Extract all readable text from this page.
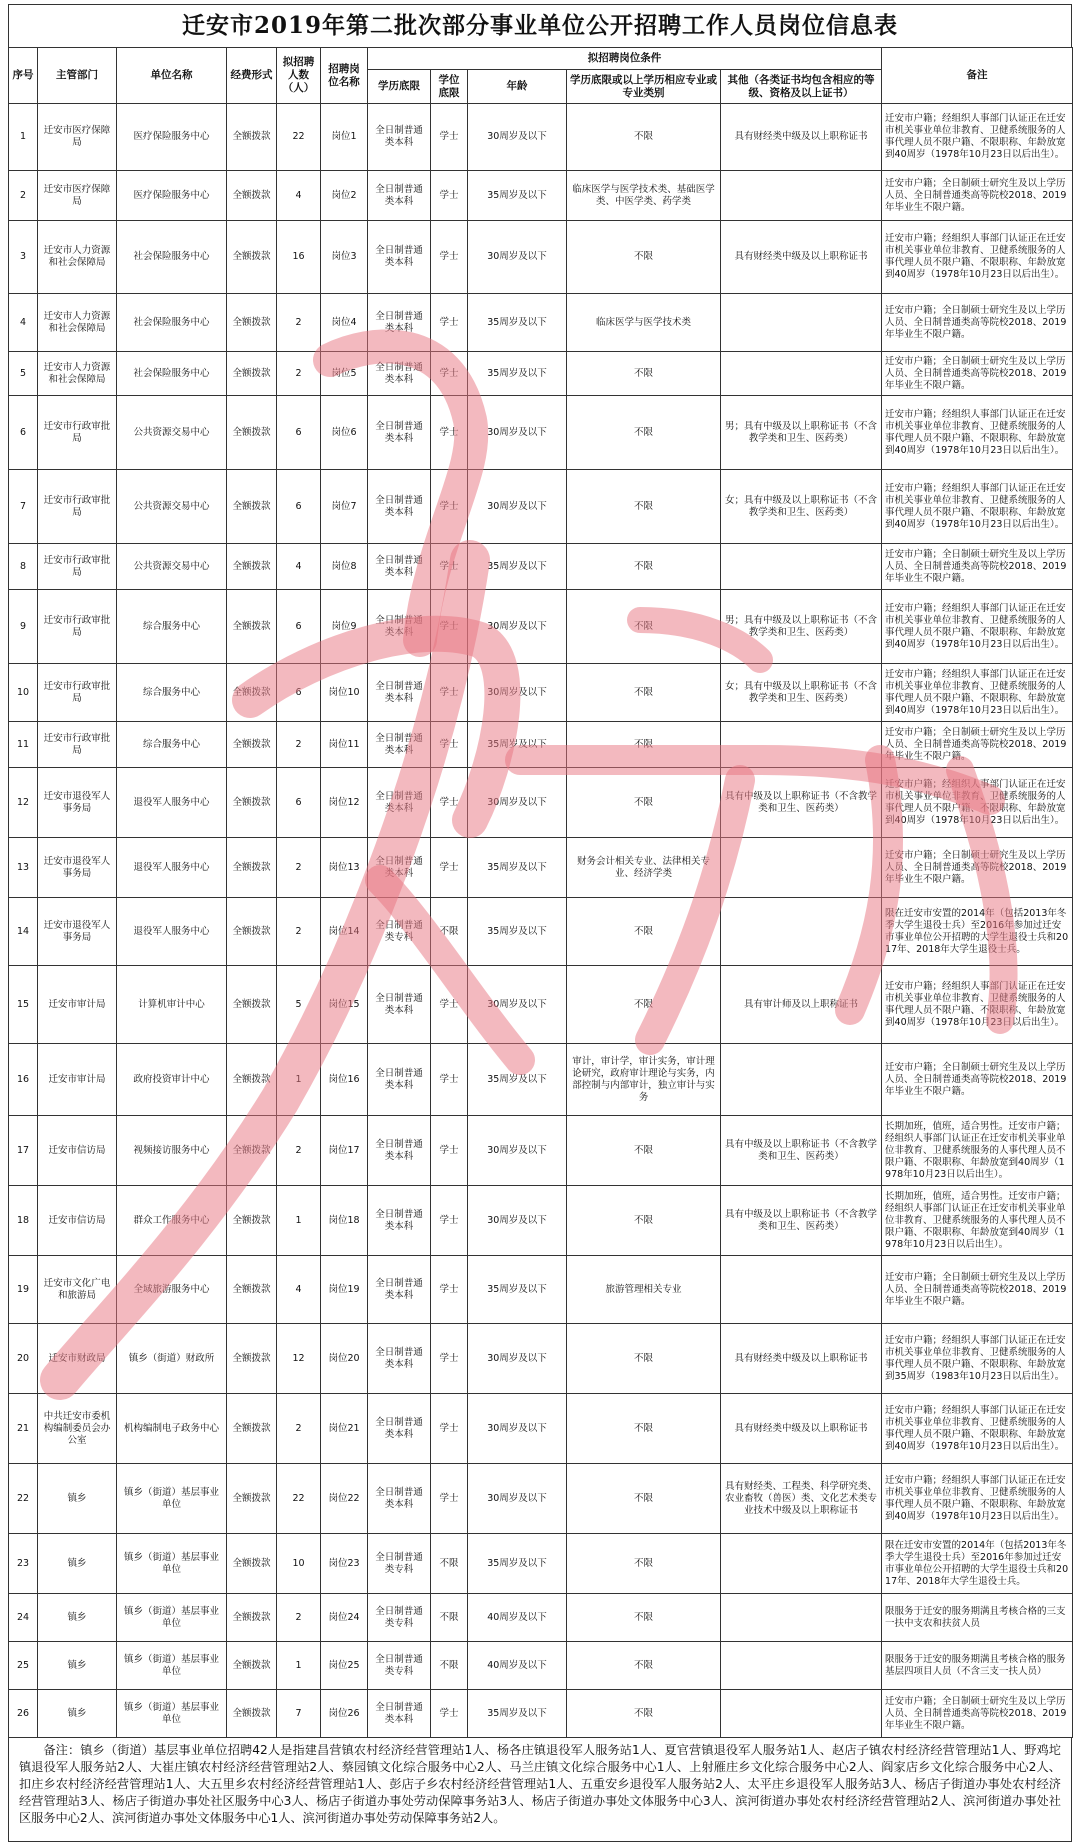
迁安市2019年第二批次部分事业单位公开招聘工作人员岗位信息表
序号	主管部门	单位名称	经费形式	拟招聘人数（人）	招聘岗位名称	拟招聘岗位条件					备注
						学历底限	学位底限	年龄	学历底限或以上学历相应专业或专业类别	其他（各类证书均包含相应的等级、资格及以上证书）	
1	迁安市医疗保障局	医疗保险服务中心	全额拨款	22	岗位1	全日制普通类本科	学士	30周岁及以下	不限	具有财经类中级及以上职称证书	迁安市户籍；经组织人事部门认证正在迁安市机关事业单位非教育、卫健系统服务的人事代理人员不限户籍、不限职称、年龄放宽到40周岁（1978年10月23日以后出生）。
2	迁安市医疗保障局	医疗保险服务中心	全额拨款	4	岗位2	全日制普通类本科	学士	35周岁及以下	临床医学与医学技术类、基础医学类、中医学类、药学类		迁安市户籍；全日制硕士研究生及以上学历人员、全日制普通类高等院校2018、2019年毕业生不限户籍。
3	迁安市人力资源和社会保障局	社会保险服务中心	全额拨款	16	岗位3	全日制普通类本科	学士	30周岁及以下	不限	具有财经类中级及以上职称证书	迁安市户籍；经组织人事部门认证正在迁安市机关事业单位非教育、卫健系统服务的人事代理人员不限户籍、不限职称、年龄放宽到40周岁（1978年10月23日以后出生）。
4	迁安市人力资源和社会保障局	社会保险服务中心	全额拨款	2	岗位4	全日制普通类本科	学士	35周岁及以下	临床医学与医学技术类		迁安市户籍；全日制硕士研究生及以上学历人员、全日制普通类高等院校2018、2019年毕业生不限户籍。
5	迁安市人力资源和社会保障局	社会保险服务中心	全额拨款	2	岗位5	全日制普通类本科	学士	35周岁及以下	不限		迁安市户籍；全日制硕士研究生及以上学历人员、全日制普通类高等院校2018、2019年毕业生不限户籍。
6	迁安市行政审批局	公共资源交易中心	全额拨款	6	岗位6	全日制普通类本科	学士	30周岁及以下	不限	男；具有中级及以上职称证书（不含教学类和卫生、医药类）	迁安市户籍；经组织人事部门认证正在迁安市机关事业单位非教育、卫健系统服务的人事代理人员不限户籍、不限职称、年龄放宽到40周岁（1978年10月23日以后出生）。
7	迁安市行政审批局	公共资源交易中心	全额拨款	6	岗位7	全日制普通类本科	学士	30周岁及以下	不限	女；具有中级及以上职称证书（不含教学类和卫生、医药类）	迁安市户籍；经组织人事部门认证正在迁安市机关事业单位非教育、卫健系统服务的人事代理人员不限户籍、不限职称、年龄放宽到40周岁（1978年10月23日以后出生）。
8	迁安市行政审批局	公共资源交易中心	全额拨款	4	岗位8	全日制普通类本科	学士	35周岁及以下	不限		迁安市户籍；全日制硕士研究生及以上学历人员、全日制普通类高等院校2018、2019年毕业生不限户籍。
9	迁安市行政审批局	综合服务中心	全额拨款	6	岗位9	全日制普通类本科	学士	30周岁及以下	不限	男；具有中级及以上职称证书（不含教学类和卫生、医药类）	迁安市户籍；经组织人事部门认证正在迁安市机关事业单位非教育、卫健系统服务的人事代理人员不限户籍、不限职称、年龄放宽到40周岁（1978年10月23日以后出生）。
10	迁安市行政审批局	综合服务中心	全额拨款	6	岗位10	全日制普通类本科	学士	30周岁及以下	不限	女；具有中级及以上职称证书（不含教学类和卫生、医药类）	迁安市户籍；经组织人事部门认证正在迁安市机关事业单位非教育、卫健系统服务的人事代理人员不限户籍、不限职称、年龄放宽到40周岁（1978年10月23日以后出生）。
11	迁安市行政审批局	综合服务中心	全额拨款	2	岗位11	全日制普通类本科	学士	35周岁及以下	不限		迁安市户籍；全日制硕士研究生及以上学历人员、全日制普通类高等院校2018、2019年毕业生不限户籍。
12	迁安市退役军人事务局	退役军人服务中心	全额拨款	6	岗位12	全日制普通类本科	学士	30周岁及以下	不限	具有中级及以上职称证书（不含教学类和卫生、医药类）	迁安市户籍；经组织人事部门认证正在迁安市机关事业单位非教育、卫健系统服务的人事代理人员不限户籍、不限职称、年龄放宽到40周岁（1978年10月23日以后出生）。
13	迁安市退役军人事务局	退役军人服务中心	全额拨款	2	岗位13	全日制普通类本科	学士	35周岁及以下	财务会计相关专业、法律相关专业、经济学类		迁安市户籍；全日制硕士研究生及以上学历人员、全日制普通类高等院校2018、2019年毕业生不限户籍。
14	迁安市退役军人事务局	退役军人服务中心	全额拨款	2	岗位14	全日制普通类专科	不限	35周岁及以下	不限		限在迁安市安置的2014年（包括2013年冬季大学生退役士兵）至2016年参加过迁安市事业单位公开招聘的大学生退役士兵和2017年、2018年大学生退役士兵。
15	迁安市审计局	计算机审计中心	全额拨款	5	岗位15	全日制普通类本科	学士	30周岁及以下	不限	具有审计师及以上职称证书	迁安市户籍；经组织人事部门认证正在迁安市机关事业单位非教育、卫健系统服务的人事代理人员不限户籍、不限职称、年龄放宽到40周岁（1978年10月23日以后出生）。
16	迁安市审计局	政府投资审计中心	全额拨款	1	岗位16	全日制普通类本科	学士	35周岁及以下	审计，审计学，审计实务，审计理论研究，政府审计理论与实务，内部控制与内部审计，独立审计与实务		迁安市户籍；全日制硕士研究生及以上学历人员、全日制普通类高等院校2018、2019年毕业生不限户籍。
17	迁安市信访局	视频接访服务中心	全额拨款	2	岗位17	全日制普通类本科	学士	30周岁及以下	不限	具有中级及以上职称证书（不含教学类和卫生、医药类）	长期加班，值班，适合男性。迁安市户籍；经组织人事部门认证正在迁安市机关事业单位非教育、卫健系统服务的人事代理人员不限户籍、不限职称、年龄放宽到40周岁（1978年10月23日以后出生）。
18	迁安市信访局	群众工作服务中心	全额拨款	1	岗位18	全日制普通类本科	学士	30周岁及以下	不限	具有中级及以上职称证书（不含教学类和卫生、医药类）	长期加班，值班，适合男性。迁安市户籍；经组织人事部门认证正在迁安市机关事业单位非教育、卫健系统服务的人事代理人员不限户籍、不限职称、年龄放宽到40周岁（1978年10月23日以后出生）。
19	迁安市文化广电和旅游局	全域旅游服务中心	全额拨款	4	岗位19	全日制普通类本科	学士	35周岁及以下	旅游管理相关专业		迁安市户籍；全日制硕士研究生及以上学历人员、全日制普通类高等院校2018、2019年毕业生不限户籍。
20	迁安市财政局	镇乡（街道）财政所	全额拨款	12	岗位20	全日制普通类本科	学士	30周岁及以下	不限	具有财经类中级及以上职称证书	迁安市户籍；经组织人事部门认证正在迁安市机关事业单位非教育、卫健系统服务的人事代理人员不限户籍、不限职称、年龄放宽到35周岁（1983年10月23日以后出生）。
21	中共迁安市委机构编制委员会办公室	机构编制电子政务中心	全额拨款	2	岗位21	全日制普通类本科	学士	30周岁及以下	不限	具有财经类中级及以上职称证书	迁安市户籍；经组织人事部门认证正在迁安市机关事业单位非教育、卫健系统服务的人事代理人员不限户籍、不限职称、年龄放宽到40周岁（1978年10月23日以后出生）。
22	镇乡	镇乡（街道）基层事业单位	全额拨款	22	岗位22	全日制普通类本科	学士	30周岁及以下	不限	具有财经类、工程类、科学研究类、农业畜牧（兽医）类、文化艺术类专业技术中级及以上职称证书	迁安市户籍；经组织人事部门认证正在迁安市机关事业单位非教育、卫健系统服务的人事代理人员不限户籍、不限职称、年龄放宽到40周岁（1978年10月23日以后出生）。
23	镇乡	镇乡（街道）基层事业单位	全额拨款	10	岗位23	全日制普通类专科	不限	35周岁及以下	不限		限在迁安市安置的2014年（包括2013年冬季大学生退役士兵）至2016年参加过迁安市事业单位公开招聘的大学生退役士兵和2017年、2018年大学生退役士兵。
24	镇乡	镇乡（街道）基层事业单位	全额拨款	2	岗位24	全日制普通类专科	不限	40周岁及以下	不限		限服务于迁安的服务期满且考核合格的三支一扶中支农和扶贫人员
25	镇乡	镇乡（街道）基层事业单位	全额拨款	1	岗位25	全日制普通类专科	不限	40周岁及以下	不限		限服务于迁安的服务期满且考核合格的服务基层四项目人员（不含三支一扶人员）
26	镇乡	镇乡（街道）基层事业单位	全额拨款	7	岗位26	全日制普通类本科	学士	35周岁及以下	不限		迁安市户籍；全日制硕士研究生及以上学历人员、全日制普通类高等院校2018、2019年毕业生不限户籍。
备注：镇乡（街道）基层事业单位招聘42人是指建昌营镇农村经济经营管理站1人、杨各庄镇退役军人服务站1人、夏官营镇退役军人服务站1人、赵店子镇农村经济经营管理站1人、野鸡坨镇退役军人服务站2人、大崔庄镇农村经济经营管理站2人、蔡园镇文化综合服务中心2人、马兰庄镇文化综合服务中心1人、上射雁庄乡文化综合服务中心2人、阎家店乡文化综合服务中心2人、扣庄乡农村经济经营管理站1人、大五里乡农村经济经营管理站1人、彭店子乡农村经济经营管理站1人、五重安乡退役军人服务站2人、太平庄乡退役军人服务站3人、杨店子街道办事处农村经济经营管理站3人、杨店子街道办事处社区服务中心3人、杨店子街道办事处劳动保障事务站3人、杨店子街道办事处文体服务中心3人、滨河街道办事处农村经济经营管理站2人、滨河街道办事处社区服务中心2人、滨河街道办事处文体服务中心1人、滨河街道办事处劳动保障事务站2人。
